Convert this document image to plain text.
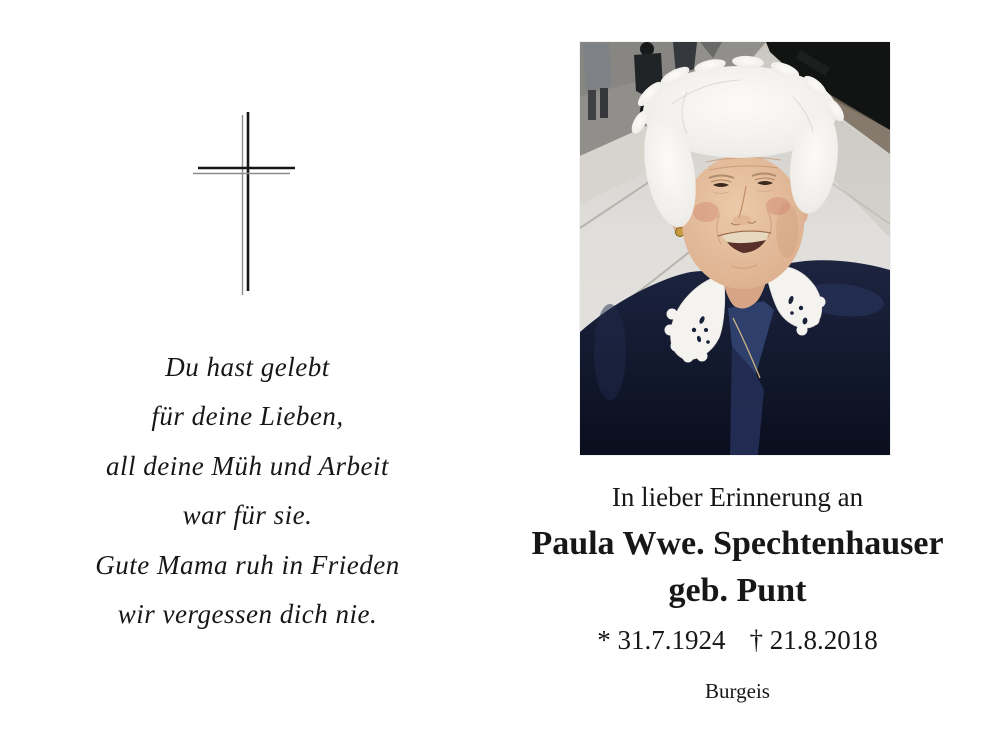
Du hast gelebt
für deine Lieben,
all deine Müh und Arbeit
war für sie.
Gute Mama ruh in Frieden
wir vergessen dich nie.
In lieber Erinnerung an
Paula Wwe. Spechtenhauser
geb. Punt
* 31.7.1924 † 21.8.2018
Burgeis
